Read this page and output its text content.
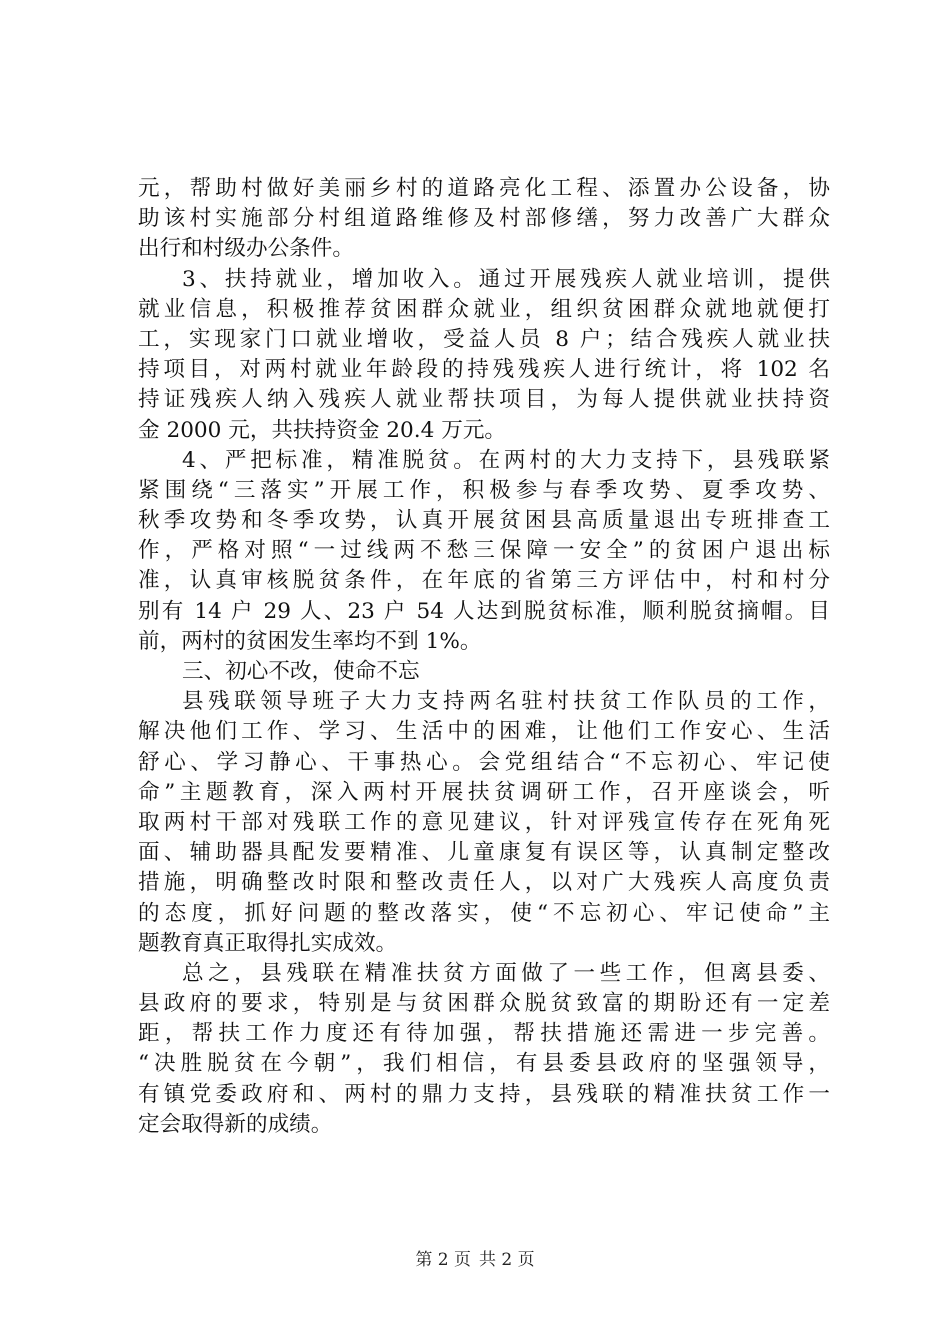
元，帮助村做好美丽乡村的道路亮化工程、添置办公设备，协
助该村实施部分村组道路维修及村部修缮，努力改善广大群众
出行和村级办公条件。
3、扶持就业，增加收入。通过开展残疾人就业培训，提供
就业信息，积极推荐贫困群众就业，组织贫困群众就地就便打
工，实现家门口就业增收，受益人员 8 户；结合残疾人就业扶
持项目，对两村就业年龄段的持残残疾人进行统计，将 102 名
持证残疾人纳入残疾人就业帮扶项目，为每人提供就业扶持资
金 2000 元，共扶持资金 20.4 万元。
4、严把标准，精准脱贫。在两村的大力支持下，县残联紧
紧围绕“三落实”开展工作，积极参与春季攻势、夏季攻势、
秋季攻势和冬季攻势，认真开展贫困县高质量退出专班排查工
作，严格对照“一过线两不愁三保障一安全”的贫困户退出标
准，认真审核脱贫条件，在年底的省第三方评估中，村和村分
别有 14 户 29 人、23 户 54 人达到脱贫标准，顺利脱贫摘帽。目
前，两村的贫困发生率均不到 1%。
三、初心不改，使命不忘
县残联领导班子大力支持两名驻村扶贫工作队员的工作，
解决他们工作、学习、生活中的困难，让他们工作安心、生活
舒心、学习静心、干事热心。会党组结合“不忘初心、牢记使
命”主题教育，深入两村开展扶贫调研工作，召开座谈会，听
取两村干部对残联工作的意见建议，针对评残宣传存在死角死
面、辅助器具配发要精准、儿童康复有误区等，认真制定整改
措施，明确整改时限和整改责任人，以对广大残疾人高度负责
的态度，抓好问题的整改落实，使“不忘初心、牢记使命”主
题教育真正取得扎实成效。
总之，县残联在精准扶贫方面做了一些工作，但离县委、
县政府的要求，特别是与贫困群众脱贫致富的期盼还有一定差
距，帮扶工作力度还有待加强，帮扶措施还需进一步完善。
“决胜脱贫在今朝”，我们相信，有县委县政府的坚强领导，
有镇党委政府和、两村的鼎力支持，县残联的精准扶贫工作一
定会取得新的成绩。
第 2 页 共 2 页
